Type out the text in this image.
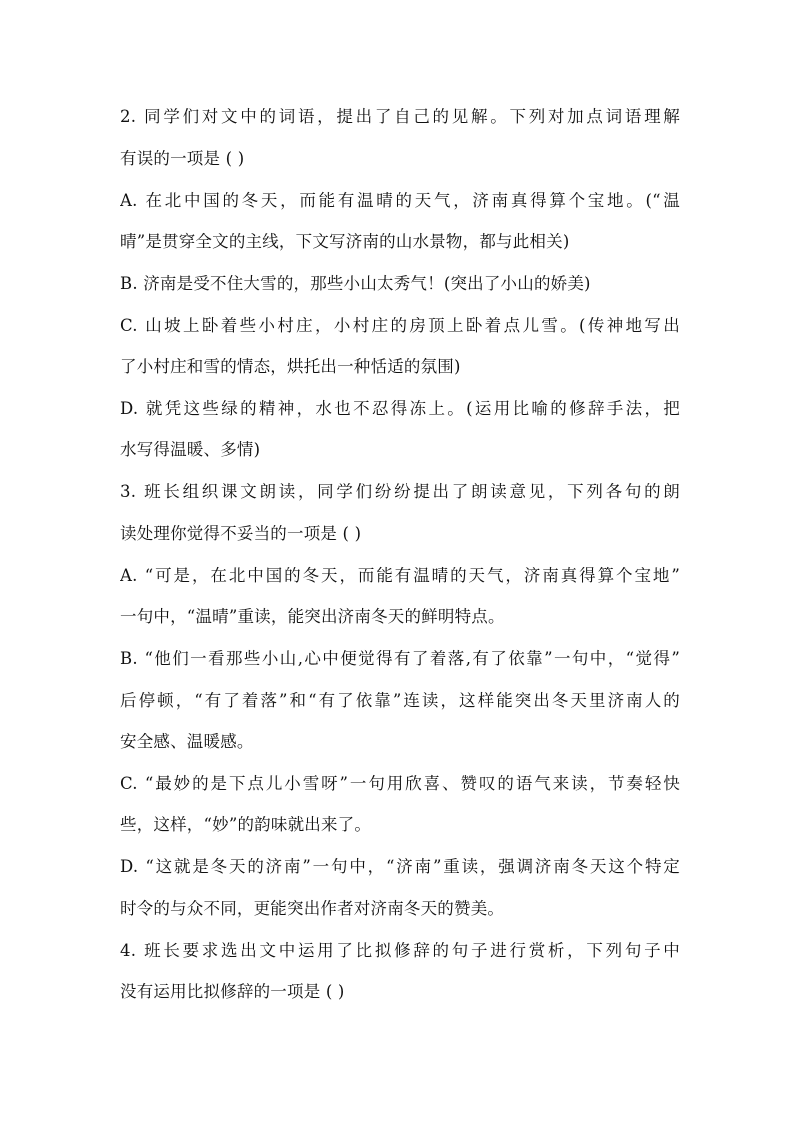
2. 同学们对文中的词语，提出了自己的见解。下列对加点词语理解
有误的一项是 ( )
A. 在北中国的冬天，而能有温晴的天气，济南真得算个宝地。(“温
晴”是贯穿全文的主线，下文写济南的山水景物，都与此相关)
B. 济南是受不住大雪的，那些小山太秀气！(突出了小山的娇美)
C. 山坡上卧着些小村庄，小村庄的房顶上卧着点儿雪。(传神地写出
了小村庄和雪的情态，烘托出一种恬适的氛围)
D. 就凭这些绿的精神，水也不忍得冻上。(运用比喻的修辞手法，把
水写得温暖、多情)
3. 班长组织课文朗读，同学们纷纷提出了朗读意见，下列各句的朗
读处理你觉得不妥当的一项是 ( )
A. “可是，在北中国的冬天，而能有温晴的天气，济南真得算个宝地”
一句中，“温晴”重读，能突出济南冬天的鲜明特点。
B. “他们一看那些小山,心中便觉得有了着落,有了依靠”一句中，“觉得”
后停顿，“有了着落”和“有了依靠”连读，这样能突出冬天里济南人的
安全感、温暖感。
C. “最妙的是下点儿小雪呀”一句用欣喜、赞叹的语气来读，节奏轻快
些，这样，“妙”的韵味就出来了。
D. “这就是冬天的济南”一句中，“济南”重读，强调济南冬天这个特定
时令的与众不同，更能突出作者对济南冬天的赞美。
4. 班长要求选出文中运用了比拟修辞的句子进行赏析，下列句子中
没有运用比拟修辞的一项是 ( )
